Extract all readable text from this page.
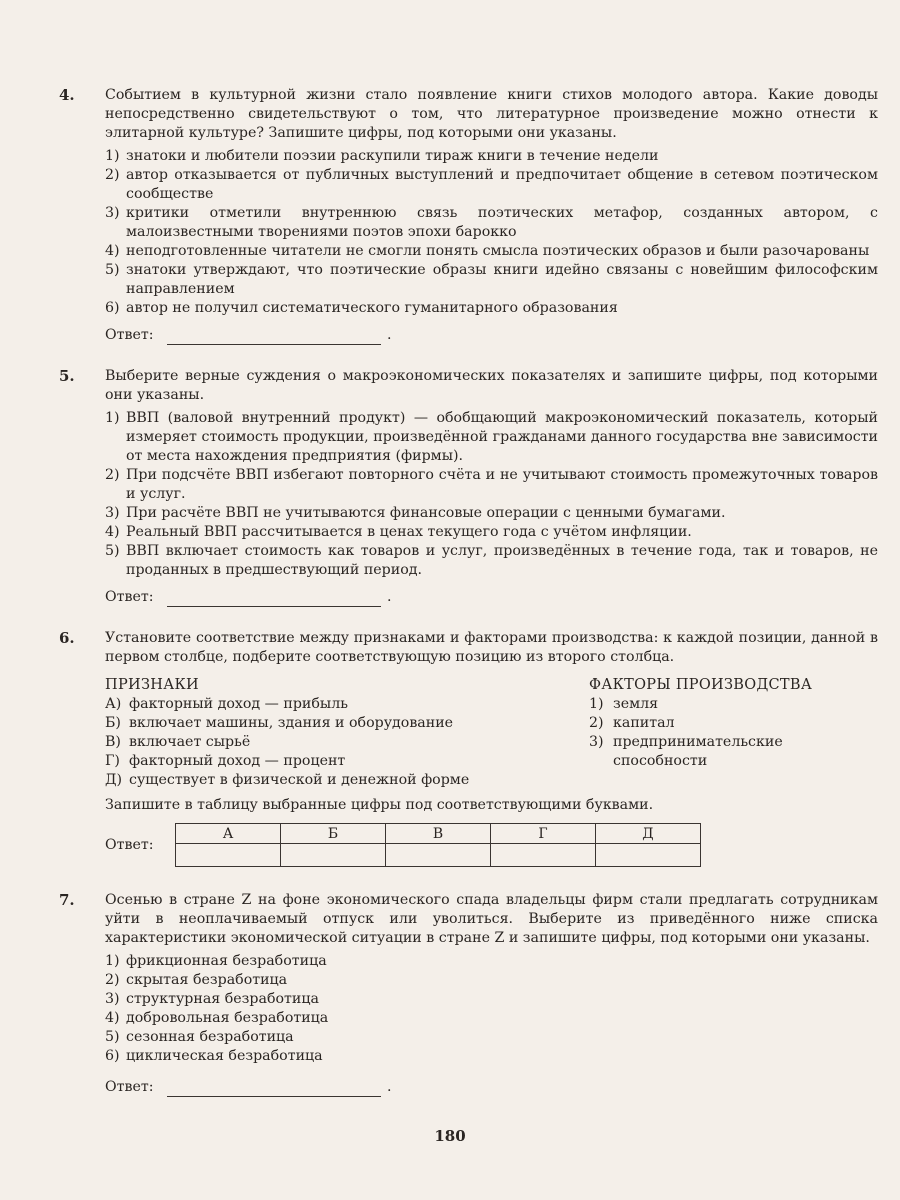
4. Событием в культурной жизни стало появление книги стихов молодого автора. Какие доводы непосредственно свидетельствуют о том, что литературное произведение можно отнести к элитарной культуре? Запишите цифры, под которыми они указаны.

1) знатоки и любители поэзии раскупили тираж книги в течение недели
2) автор отказывается от публичных выступлений и предпочитает общение в сетевом поэтическом сообществе
3) критики отметили внутреннюю связь поэтических метафор, созданных автором, с малоизвестными творениями поэтов эпохи барокко
4) неподготовленные читатели не смогли понять смысла поэтических образов и были разочарованы
5) знатоки утверждают, что поэтические образы книги идейно связаны с новейшим философским направлением
6) автор не получил систематического гуманитарного образования
Ответ:	.
5. Выберите верные суждения о макроэкономических показателях и запишите цифры, под которыми они указаны.

1) ВВП (валовой внутренний продукт) — обобщающий макроэкономический показатель, который измеряет стоимость продукции, произведённой гражданами данного государства вне зависимости от места нахождения предприятия (фирмы).
2) При подсчёте ВВП избегают повторного счёта и не учитывают стоимость промежуточных товаров и услуг.
3) При расчёте ВВП не учитываются финансовые операции с ценными бумагами.
4) Реальный ВВП рассчитывается в ценах текущего года с учётом инфляции.
5) ВВП включает стоимость как товаров и услуг, произведённых в течение года, так и товаров, не проданных в предшествующий период.
Ответ:	.
6. Установите соответствие между признаками и факторами производства: к каждой позиции, данной в первом столбце, подберите соответствующую позицию из второго столбца.

ПРИЗНАКИ
А) факторный доход — прибыль
Б) включает машины, здания и оборудование
В) включает сырьё
Г) факторный доход — процент
Д) существует в физической и денежной форме
ФАКТОРЫ ПРОИЗВОДСТВА
1) земля
2) капитал
3) предпринимательские способности

Запишите в таблицу выбранные цифры под соответствующими буквами.

Ответ:
А	Б	В	Г	Д

7. Осенью в стране Z на фоне экономического спада владельцы фирм стали предлагать сотрудникам уйти в неоплачиваемый отпуск или уволиться. Выберите из приведённого ниже списка характеристики экономической ситуации в стране Z и запишите цифры, под которыми они указаны.

1) фрикционная безработица
2) скрытая безработица
3) структурная безработица
4) добровольная безработица
5) сезонная безработица
6) циклическая безработица
Ответ:	.
180
